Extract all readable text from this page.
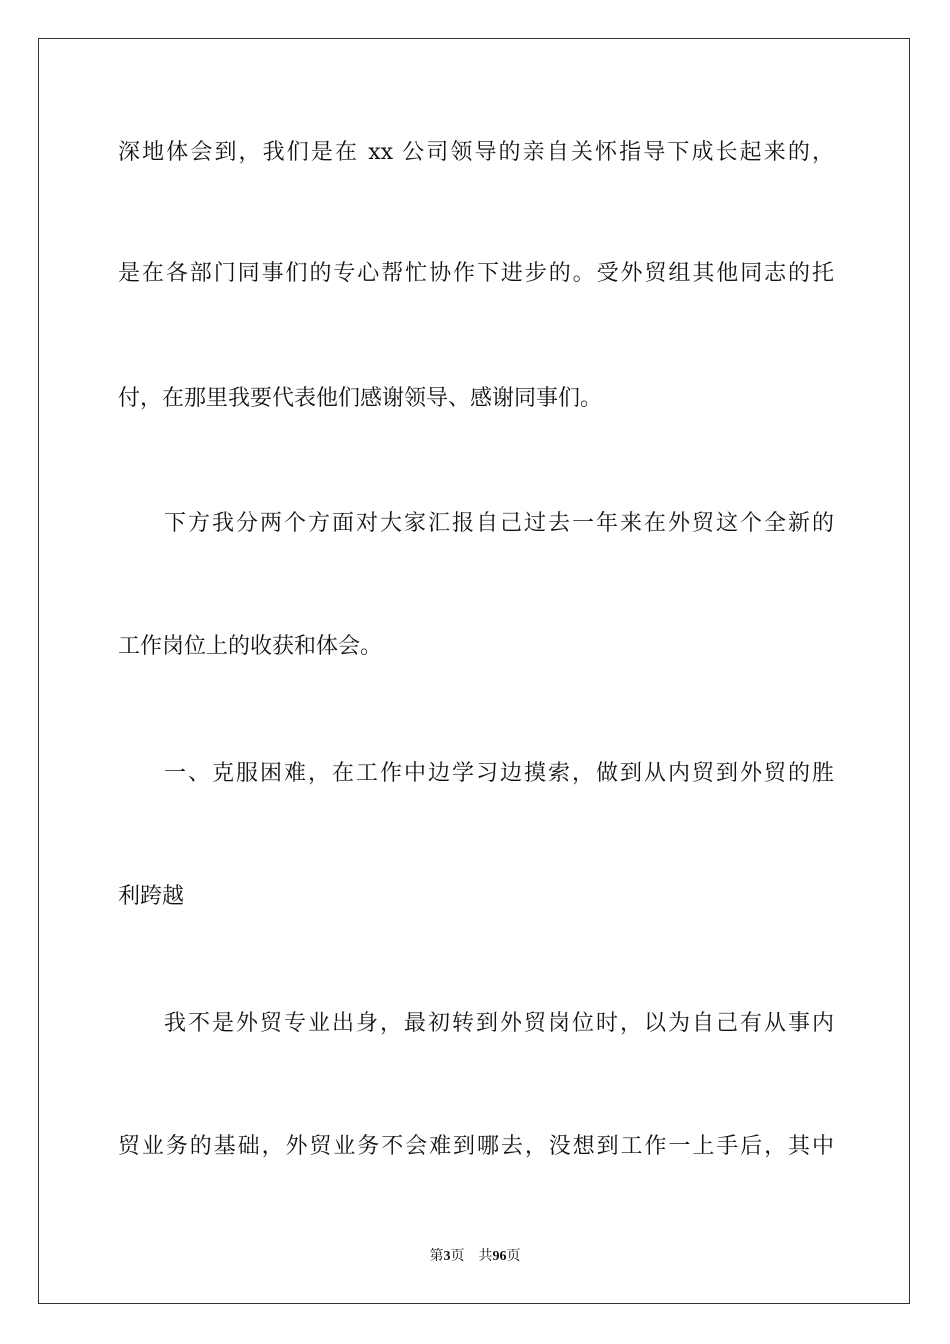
深地体会到，我们是在 xx 公司领导的亲自关怀指导下成长起来的，
是在各部门同事们的专心帮忙协作下进步的。受外贸组其他同志的托
付，在那里我要代表他们感谢领导、感谢同事们。
下方我分两个方面对大家汇报自己过去一年来在外贸这个全新的
工作岗位上的收获和体会。
一、克服困难，在工作中边学习边摸索，做到从内贸到外贸的胜
利跨越
我不是外贸专业出身，最初转到外贸岗位时，以为自己有从事内
贸业务的基础，外贸业务不会难到哪去，没想到工作一上手后，其中
第3页 共96页
